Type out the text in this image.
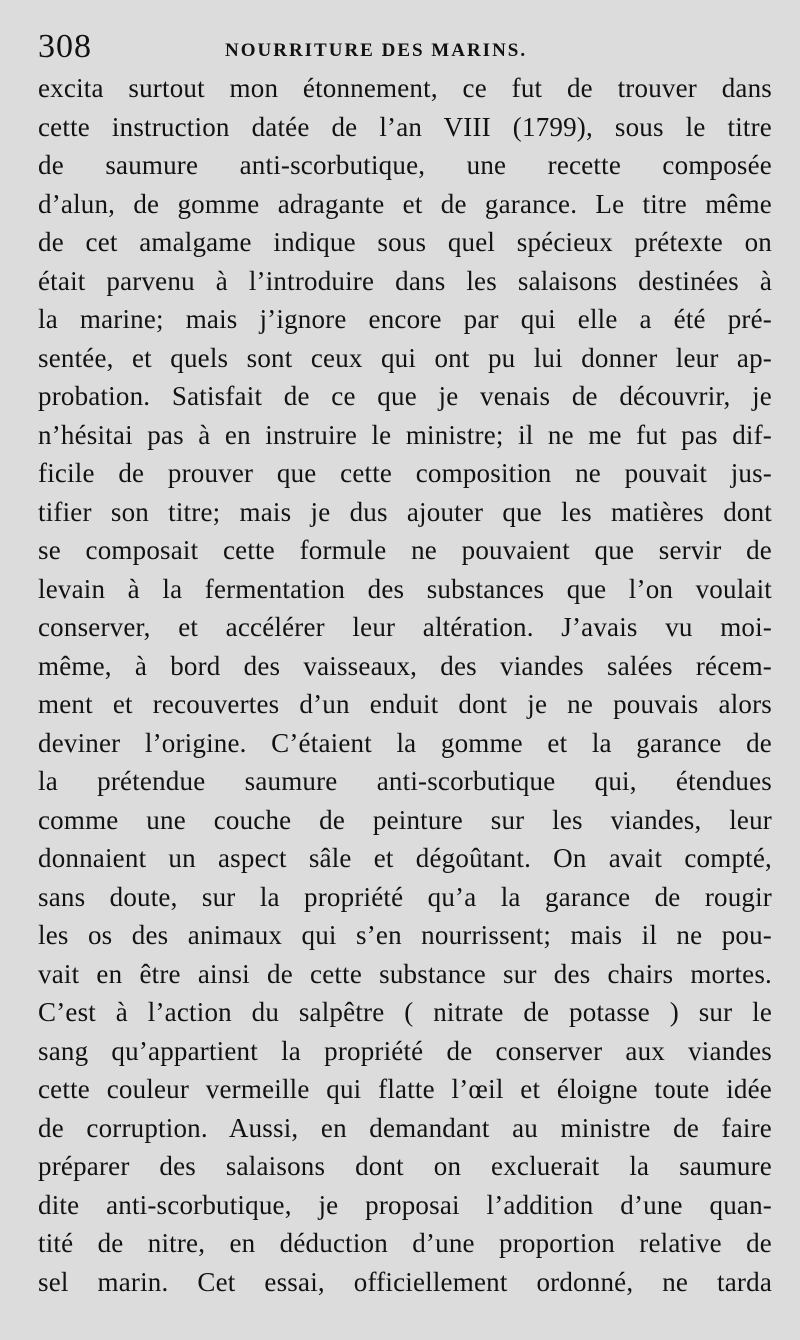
308	NOURRITURE DES MARINS.
excita surtout mon étonnement, ce fut de trouver dans
cette instruction datée de l’an VIII (1799), sous le titre
de saumure anti-scorbutique, une recette composée
d’alun, de gomme adragante et de garance. Le titre même
de cet amalgame indique sous quel spécieux prétexte on
était parvenu à l’introduire dans les salaisons destinées à
la marine; mais j’ignore encore par qui elle a été pré-
sentée, et quels sont ceux qui ont pu lui donner leur ap-
probation. Satisfait de ce que je venais de découvrir, je
n’hésitai pas à en instruire le ministre; il ne me fut pas dif-
ficile de prouver que cette composition ne pouvait jus-
tifier son titre; mais je dus ajouter que les matières dont
se composait cette formule ne pouvaient que servir de
levain à la fermentation des substances que l’on voulait
conserver, et accélérer leur altération. J’avais vu moi-
même, à bord des vaisseaux, des viandes salées récem-
ment et recouvertes d’un enduit dont je ne pouvais alors
deviner l’origine. C’étaient la gomme et la garance de
la prétendue saumure anti-scorbutique qui, étendues
comme une couche de peinture sur les viandes, leur
donnaient un aspect sâle et dégoûtant. On avait compté,
sans doute, sur la propriété qu’a la garance de rougir
les os des animaux qui s’en nourrissent; mais il ne pou-
vait en être ainsi de cette substance sur des chairs mortes.
C’est à l’action du salpêtre ( nitrate de potasse ) sur le
sang qu’appartient la propriété de conserver aux viandes
cette couleur vermeille qui flatte l’œil et éloigne toute idée
de corruption. Aussi, en demandant au ministre de faire
préparer des salaisons dont on excluerait la saumure
dite anti-scorbutique, je proposai l’addition d’une quan-
tité de nitre, en déduction d’une proportion relative de
sel marin. Cet essai, officiellement ordonné, ne tarda
